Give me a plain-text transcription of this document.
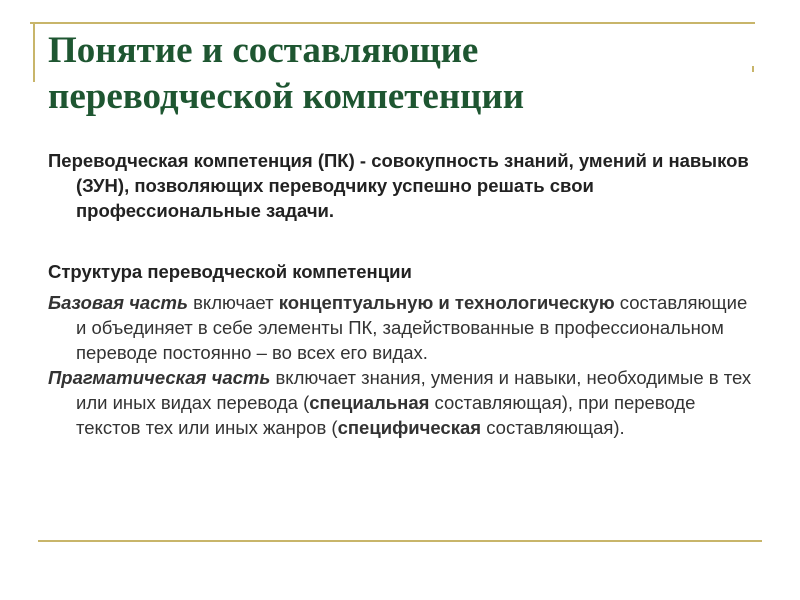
Понятие и составляющие
переводческой компетенции

Переводческая компетенция (ПК) - совокупность знаний, умений и навыков (ЗУН), позволяющих переводчику успешно решать свои профессиональные задачи.

Структура переводческой компетенции

Базовая часть включает концептуальную и технологическую составляющие и объединяет в себе элементы ПК, задействованные в профессиональном переводе постоянно – во всех его видах.

Прагматическая часть включает знания, умения и навыки, необходимые в тех или иных видах перевода (специальная составляющая), при переводе текстов тех или иных жанров (специфическая составляющая).
